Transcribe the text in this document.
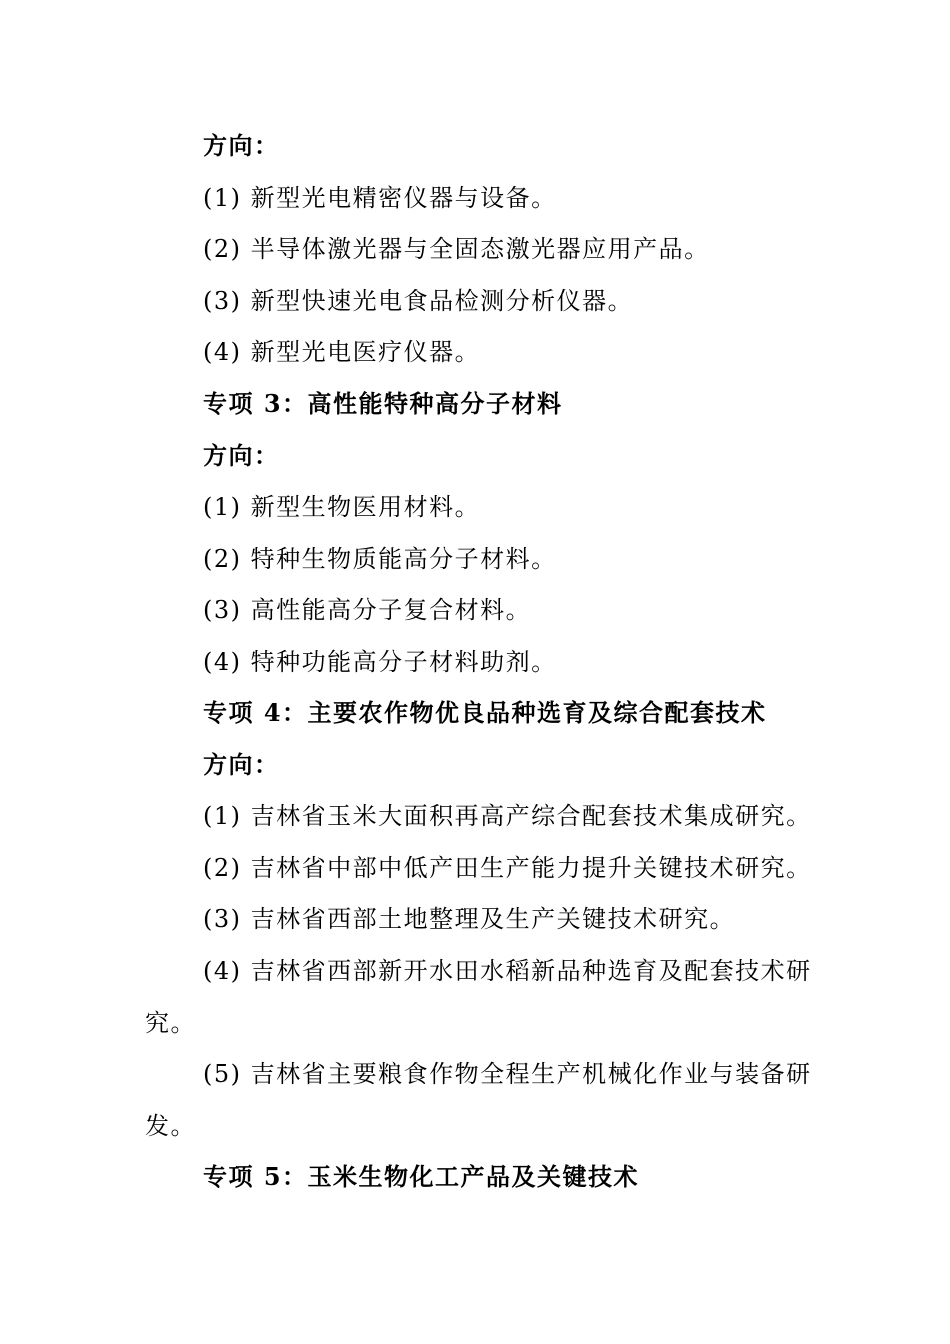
方向：
(1) 新型光电精密仪器与设备。
(2) 半导体激光器与全固态激光器应用产品。
(3) 新型快速光电食品检测分析仪器。
(4) 新型光电医疗仪器。
专项 3：高性能特种高分子材料
方向：
(1) 新型生物医用材料。
(2) 特种生物质能高分子材料。
(3) 高性能高分子复合材料。
(4) 特种功能高分子材料助剂。
专项 4：主要农作物优良品种选育及综合配套技术
方向：
(1) 吉林省玉米大面积再高产综合配套技术集成研究。
(2) 吉林省中部中低产田生产能力提升关键技术研究。
(3) 吉林省西部土地整理及生产关键技术研究。
(4) 吉林省西部新开水田水稻新品种选育及配套技术研
究。
(5) 吉林省主要粮食作物全程生产机械化作业与装备研
发。
专项 5：玉米生物化工产品及关键技术
